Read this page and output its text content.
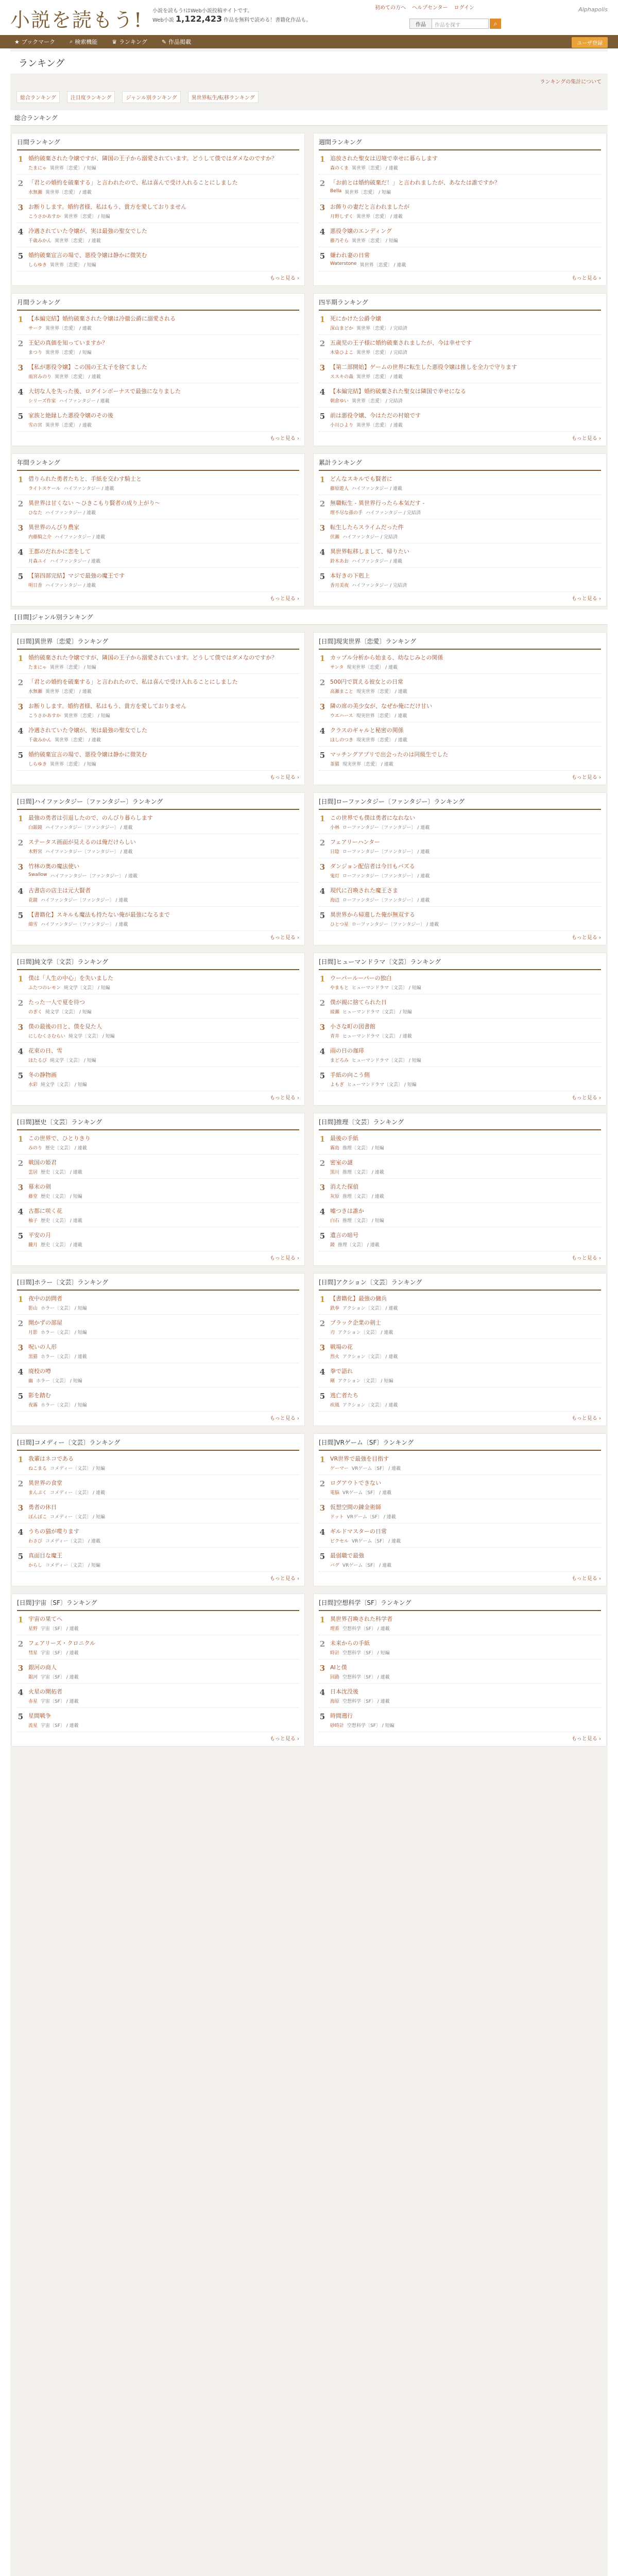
小説を読もう! 小説を読もう!はWeb小説投稿サイトです。
Web小説 1,122,423 作品を無料で読める！書籍化作品も。
初めての方へ ヘルプセンター ログイン
作品	作品を探す	⌕
Alphapolis
★ ブックマーク	⌕ 検索機能	♛ ランキング	✎ 作品掲載	ユーザ登録
ランキング
ランキングの集計について
総合ランキング	注目度ランキング	ジャンル別ランキング	異世界転生/転移ランキング
総合ランキング
日間ランキング
1 婚約破棄された令嬢ですが、隣国の王子から溺愛されています。どうして僕ではダメなのですか？
たまにゃ 異世界〔恋愛〕 / 短編
2 「君との婚約を破棄する」と言われたので、私は喜んで受け入れることにしました
水無瀬 異世界〔恋愛〕 / 連載
3 お断りします。婚約者様、私はもう、貴方を愛しておりません
こうさかあすか 異世界〔恋愛〕 / 短編
4 冷遇されていた令嬢が、実は最強の聖女でした
千歳みかん 異世界〔恋愛〕 / 連載
5 婚約破棄宣言の場で、悪役令嬢は静かに微笑む
しらゆき 異世界〔恋愛〕 / 短編
もっと見る ›
週間ランキング
1 追放された聖女は辺境で幸せに暮らします
森のくま 異世界〔恋愛〕 / 連載
2 「お前とは婚約破棄だ！」と言われましたが、あなたは誰ですか？
Bella 異世界〔恋愛〕 / 短編
3 お飾りの妻だと言われましたが
月野しずく 異世界〔恋愛〕 / 連載
4 悪役令嬢のエンディング
藤乃そら 異世界〔恋愛〕 / 短編
5 嫌われ妻の日常
Waterstone 異世界〔恋愛〕 / 連載
もっと見る ›
月間ランキング
1 【本編完結】婚約破棄された令嬢は冷徹公爵に溺愛される
サーク 異世界〔恋愛〕 / 連載
2 王妃の真価を知っていますか？
まつり 異世界〔恋愛〕 / 短編
3 【私が悪役令嬢】この国の王太子を捨てました
雨宮みのり 異世界〔恋愛〕 / 連載
4 大切な人を失った後、ログインボーナスで最強になりました
シリーズ作家 ハイファンタジー / 連載
5 家族と絶縁した悪役令嬢のその後
雪の宮 異世界〔恋愛〕 / 連載
もっと見る ›
四半期ランキング
1 死にかけた公爵令嬢
深山まどか 異世界〔恋愛〕 / 完結済
2 五歳児の王子様に婚約破棄されましたが、今は幸せです
木染ひよこ 異世界〔恋愛〕 / 完結済
3 【第二部開始】ゲームの世界に転生した悪役令嬢は推しを全力で守ります
ススキの森 異世界〔恋愛〕 / 連載
4 【本編完結】婚約破棄された聖女は隣国で幸せになる
朝倉ゆい 異世界〔恋愛〕 / 完結済
5 前は悪役令嬢、今はただの村娘です
小川ひより 異世界〔恋愛〕 / 連載
もっと見る ›
年間ランキング
1 借りられた勇者たちと、手紙を交わす騎士と
ライトスケール ハイファンタジー / 連載
2 異世界は甘くない ～ひきこもり賢者の成り上がり～
ひなた ハイファンタジー / 連載
3 異世界のんびり農家
内藤騎之介 ハイファンタジー / 連載
4 王都のだれかに恋をして
月森ユイ ハイファンタジー / 連載
5 【第四部完結】マジで最強の魔王です
明日香 ハイファンタジー / 連載
もっと見る ›
累計ランキング
1 どんなスキルでも賢者に
藤原遊人 ハイファンタジー / 連載
2 無職転生 - 異世界行ったら本気だす -
理不尽な孫の手 ハイファンタジー / 完結済
3 転生したらスライムだった件
伏瀬 ハイファンタジー / 完結済
4 異世界転移しまして、帰りたい
鈴木あお ハイファンタジー / 連載
5 本好きの下剋上
香月美夜 ハイファンタジー / 完結済
もっと見る ›
[日間]ジャンル別ランキング
[日間]異世界〔恋愛〕ランキング
1 婚約破棄された令嬢ですが、隣国の王子から溺愛されています。どうして僕ではダメなのですか？
たまにゃ 異世界〔恋愛〕 / 短編
2 「君との婚約を破棄する」と言われたので、私は喜んで受け入れることにしました
水無瀬 異世界〔恋愛〕 / 連載
3 お断りします。婚約者様、私はもう、貴方を愛しておりません
こうさかあすか 異世界〔恋愛〕 / 短編
4 冷遇されていた令嬢が、実は最強の聖女でした
千歳みかん 異世界〔恋愛〕 / 連載
5 婚約破棄宣言の場で、悪役令嬢は静かに微笑む
しらゆき 異世界〔恋愛〕 / 短編
もっと見る ›
[日間]現実世界〔恋愛〕ランキング
1 カップル分析から始まる、幼なじみとの関係
サンタ 現実世界〔恋愛〕 / 連載
2 500円で買える彼女との日常
高瀬まこと 現実世界〔恋愛〕 / 連載
3 隣の席の美少女が、なぜか俺にだけ甘い
ウエハース 現実世界〔恋愛〕 / 連載
4 クラスのギャルと秘密の関係
ほしのつき 現実世界〔恋愛〕 / 連載
5 マッチングアプリで出会ったのは同級生でした
茶猫 現実世界〔恋愛〕 / 連載
もっと見る ›
[日間]ハイファンタジー〔ファンタジー〕ランキング
1 最強の勇者は引退したので、のんびり暮らします
白銀鏡 ハイファンタジー〔ファンタジー〕 / 連載
2 ステータス画面が見えるのは俺だけらしい
木野宮 ハイファンタジー〔ファンタジー〕 / 連載
3 竹林の奥の魔法使い
Swallow ハイファンタジー〔ファンタジー〕 / 連載
4 古書店の店主は元大賢者
花鏡 ハイファンタジー〔ファンタジー〕 / 連載
5 【書籍化】スキルも魔法も持たない俺が最強になるまで
綿雪 ハイファンタジー〔ファンタジー〕 / 連載
もっと見る ›
[日間]ローファンタジー〔ファンタジー〕ランキング
1 この世界でも僕は勇者になれない
小林 ローファンタジー〔ファンタジー〕 / 連載
2 フェアリーハンター
日陰 ローファンタジー〔ファンタジー〕 / 連載
3 ダンジョン配信者は今日もバズる
鬼灯 ローファンタジー〔ファンタジー〕 / 連載
4 現代に召喚された魔王さま
海辺 ローファンタジー〔ファンタジー〕 / 連載
5 異世界から帰還した俺が無双する
ひとつ星 ローファンタジー〔ファンタジー〕 / 連載
もっと見る ›
[日間]純文学〔文芸〕ランキング
1 僕は「人生の中心」を失いました
ふたつのレモン 純文学〔文芸〕 / 短編
2 たった一人で夏を待つ
のぎく 純文学〔文芸〕 / 短編
3 僕の最後の日と、僕を見た人
にしむくさむらい 純文学〔文芸〕 / 短編
4 花束の日、雪
ほたるび 純文学〔文芸〕 / 短編
5 冬の静物画
水彩 純文学〔文芸〕 / 短編
もっと見る ›
[日間]ヒューマンドラマ〔文芸〕ランキング
1 ウーパールーパーの独白
やまもと ヒューマンドラマ〔文芸〕 / 短編
2 僕が親に捨てられた日
綾瀬 ヒューマンドラマ〔文芸〕 / 短編
3 小さな町の図書館
青井 ヒューマンドラマ〔文芸〕 / 連載
4 雨の日の珈琲
まどろみ ヒューマンドラマ〔文芸〕 / 短編
5 手紙の向こう側
よもぎ ヒューマンドラマ〔文芸〕 / 短編
もっと見る ›
[日間]歴史〔文芸〕ランキング
1 この世界で、ひとりきり
みのり 歴史〔文芸〕 / 連載
2 戦国の姫君
雲居 歴史〔文芸〕 / 連載
3 幕末の剣
藤堂 歴史〔文芸〕 / 短編
4 古都に咲く花
柚子 歴史〔文芸〕 / 連載
5 平安の月
朧月 歴史〔文芸〕 / 連載
もっと見る ›
[日間]推理〔文芸〕ランキング
1 最後の手紙
霧島 推理〔文芸〕 / 短編
2 密室の謎
黒川 推理〔文芸〕 / 連載
3 消えた探偵
灰原 推理〔文芸〕 / 連載
4 嘘つきは誰か
白石 推理〔文芸〕 / 短編
5 遺言の暗号
鏡 推理〔文芸〕 / 連載
もっと見る ›
[日間]ホラー〔文芸〕ランキング
1 夜中の訪問者
影山 ホラー〔文芸〕 / 短編
2 開かずの部屋
月影 ホラー〔文芸〕 / 短編
3 呪いの人形
黒猫 ホラー〔文芸〕 / 連載
4 廃校の噂
幽 ホラー〔文芸〕 / 短編
5 影を踏む
夜霧 ホラー〔文芸〕 / 短編
もっと見る ›
[日間]アクション〔文芸〕ランキング
1 【書籍化】最強の傭兵
鉄拳 アクション〔文芸〕 / 連載
2 ブラック企業の剣士
刃 アクション〔文芸〕 / 連載
3 戦場の花
烈火 アクション〔文芸〕 / 連載
4 拳で語れ
剛 アクション〔文芸〕 / 短編
5 逃亡者たち
疾風 アクション〔文芸〕 / 連載
もっと見る ›
[日間]コメディー〔文芸〕ランキング
1 我輩はネコである
ねこまる コメディー〔文芸〕 / 短編
2 異世界の食堂
まんぷく コメディー〔文芸〕 / 連載
3 勇者の休日
ぽんぽこ コメディー〔文芸〕 / 短編
4 うちの猫が喋ります
わさび コメディー〔文芸〕 / 連載
5 真面目な魔王
からし コメディー〔文芸〕 / 短編
もっと見る ›
[日間]VRゲーム〔SF〕ランキング
1 VR世界で最強を目指す
ゲーマー VRゲーム〔SF〕 / 連載
2 ログアウトできない
電脳 VRゲーム〔SF〕 / 連載
3 仮想空間の錬金術師
ドット VRゲーム〔SF〕 / 連載
4 ギルドマスターの日常
ピクセル VRゲーム〔SF〕 / 連載
5 最弱職で最強
バグ VRゲーム〔SF〕 / 連載
もっと見る ›
[日間]宇宙〔SF〕ランキング
1 宇宙の果てへ
星野 宇宙〔SF〕 / 連載
2 フェアリーズ・クロニクル
彗星 宇宙〔SF〕 / 連載
3 銀河の商人
銀河 宇宙〔SF〕 / 連載
4 火星の開拓者
赤星 宇宙〔SF〕 / 連載
5 星間戦争
流星 宇宙〔SF〕 / 連載
もっと見る ›
[日間]空想科学〔SF〕ランキング
1 異世界召喚された科学者
理系 空想科学〔SF〕 / 連載
2 未来からの手紙
時計 空想科学〔SF〕 / 短編
3 AIと僕
回路 空想科学〔SF〕 / 連載
4 日本沈没後
海原 空想科学〔SF〕 / 連載
5 時間遡行
砂時計 空想科学〔SF〕 / 短編
もっと見る ›
